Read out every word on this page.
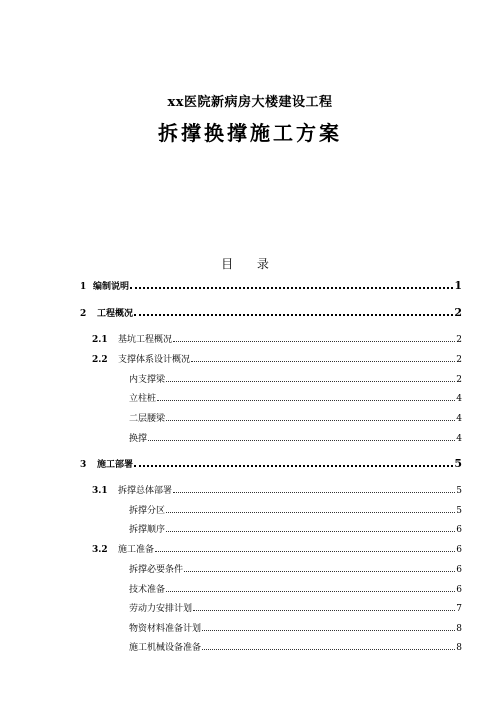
xx医院新病房大楼建设工程
拆撑换撑施工方案
目 录
1 编制说明	1
2	工程概况	2
2.1	基坑工程概况	2
2.2	支撑体系设计概况	2
内支撑梁	2
立柱桩	4
二层腰梁	4
换撑	4
3	施工部署	5
3.1	拆撑总体部署	5
拆撑分区	5
拆撑顺序	6
3.2	施工准备	6
拆撑必要条件	6
技术准备	6
劳动力安排计划	7
物资材料准备计划	8
施工机械设备准备	8
